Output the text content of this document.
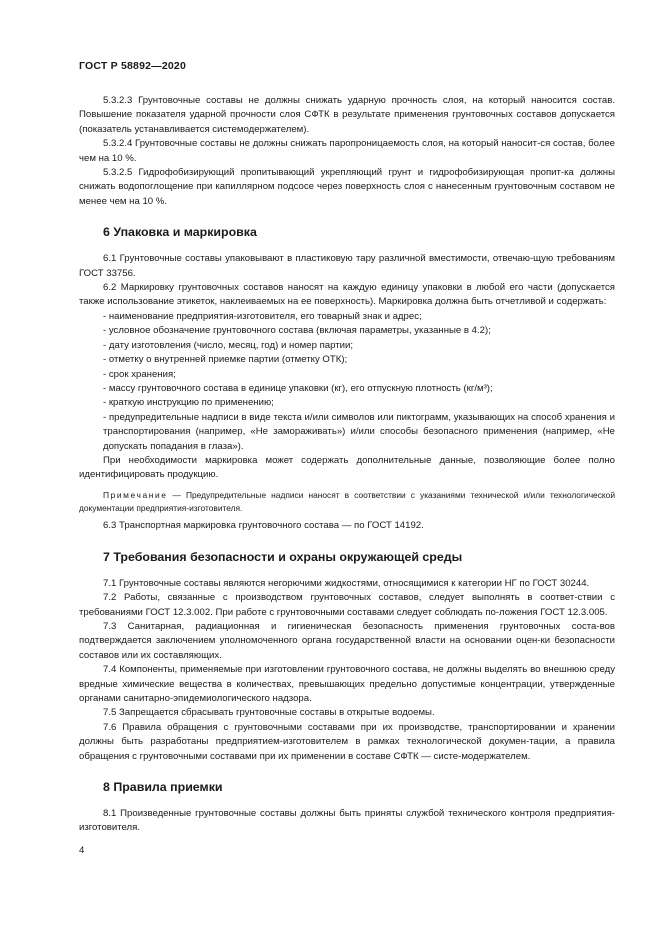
ГОСТ Р 58892—2020

5.3.2.3 Грунтовочные составы не должны снижать ударную прочность слоя, на который наносится состав. Повышение показателя ударной прочности слоя СФТК в результате применения грунтовочных составов допускается (показатель устанавливается системодержателем).

5.3.2.4 Грунтовочные составы не должны снижать паропроницаемость слоя, на который наносит-ся состав, более чем на 10 %.

5.3.2.5 Гидрофобизирующий пропитывающий укрепляющий грунт и гидрофобизирующая пропит-ка должны снижать водопоглощение при капиллярном подсосе через поверхность слоя с нанесенным грунтовочным составом не менее чем на 10 %.

6 Упаковка и маркировка

6.1 Грунтовочные составы упаковывают в пластиковую тару различной вместимости, отвечаю-щую требованиям ГОСТ 33756.

6.2 Маркировку грунтовочных составов наносят на каждую единицу упаковки в любой его части (допускается также использование этикеток, наклеиваемых на ее поверхность). Маркировка должна быть отчетливой и содержать:

- наименование предприятия-изготовителя, его товарный знак и адрес;

- условное обозначение грунтовочного состава (включая параметры, указанные в 4.2);

- дату изготовления (число, месяц, год) и номер партии;

- отметку о внутренней приемке партии (отметку ОТК);

- срок хранения;

- массу грунтовочного состава в единице упаковки (кг), его отпускную плотность (кг/м³);

- краткую инструкцию по применению;

- предупредительные надписи в виде текста и/или символов или пиктограмм, указывающих на способ хранения и транспортирования (например, «Не замораживать») и/или способы безопасного применения (например, «Не допускать попадания в глаза»).

При необходимости маркировка может содержать дополнительные данные, позволяющие более полно идентифицировать продукцию.

Примечание — Предупредительные надписи наносят в соответствии с указаниями технической и/или технологической документации предприятия-изготовителя.

6.3 Транспортная маркировка грунтовочного состава — по ГОСТ 14192.

7 Требования безопасности и охраны окружающей среды

7.1 Грунтовочные составы являются негорючими жидкостями, относящимися к категории НГ по ГОСТ 30244.

7.2 Работы, связанные с производством грунтовочных составов, следует выполнять в соответ-ствии с требованиями ГОСТ 12.3.002. При работе с грунтовочными составами следует соблюдать по-ложения ГОСТ 12.3.005.

7.3 Санитарная, радиационная и гигиеническая безопасность применения грунтовочных соста-вов подтверждается заключением уполномоченного органа государственной власти на основании оцен-ки безопасности составов или их составляющих.

7.4 Компоненты, применяемые при изготовлении грунтовочного состава, не должны выделять во внешнюю среду вредные химические вещества в количествах, превышающих предельно допустимые концентрации, утвержденные органами санитарно-эпидемиологического надзора.

7.5 Запрещается сбрасывать грунтовочные составы в открытые водоемы.

7.6 Правила обращения с грунтовочными составами при их производстве, транспортировании и хранении должны быть разработаны предприятием-изготовителем в рамках технологической докумен-тации, а правила обращения с грунтовочными составами при их применении в составе СФТК — систе-модержателем.

8 Правила приемки

8.1 Произведенные грунтовочные составы должны быть приняты службой технического контроля предприятия-изготовителя.

4
